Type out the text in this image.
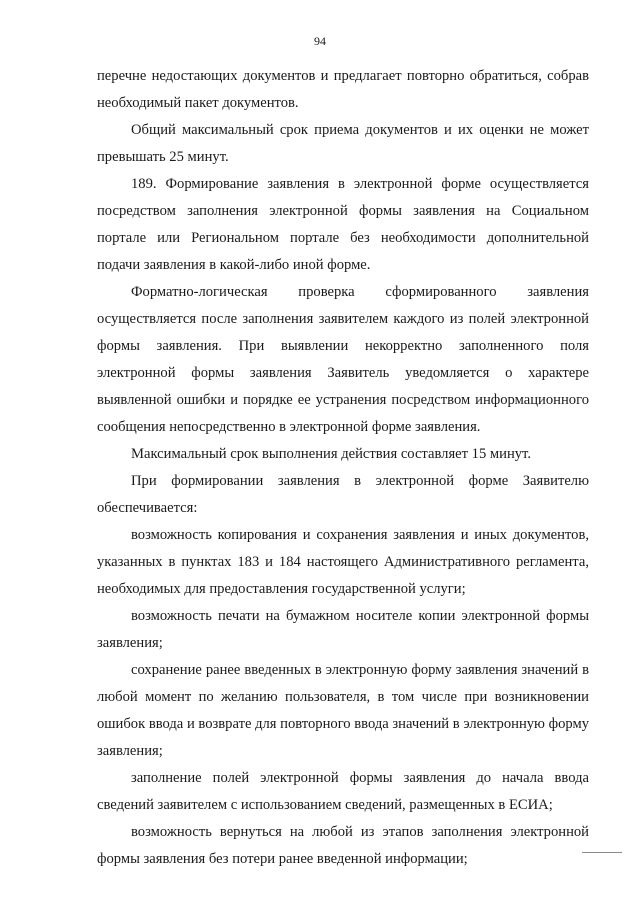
94

перечне недостающих документов и предлагает повторно обратиться, собрав необходимый пакет документов.

Общий максимальный срок приема документов и их оценки не может превышать 25 минут.

189. Формирование заявления в электронной форме осуществляется посредством заполнения электронной формы заявления на Социальном портале или Региональном портале без необходимости дополнительной подачи заявления в какой-либо иной форме.

Форматно-логическая проверка сформированного заявления осуществляется после заполнения заявителем каждого из полей электронной формы заявления. При выявлении некорректно заполненного поля электронной формы заявления Заявитель уведомляется о характере выявленной ошибки и порядке ее устранения посредством информационного сообщения непосредственно в электронной форме заявления.

Максимальный срок выполнения действия составляет 15 минут.

При формировании заявления в электронной форме Заявителю обеспечивается:

возможность копирования и сохранения заявления и иных документов, указанных в пунктах 183 и 184 настоящего Административного регламента, необходимых для предоставления государственной услуги;

возможность печати на бумажном носителе копии электронной формы заявления;

сохранение ранее введенных в электронную форму заявления значений в любой момент по желанию пользователя, в том числе при возникновении ошибок ввода и возврате для повторного ввода значений в электронную форму заявления;

заполнение полей электронной формы заявления до начала ввода сведений заявителем с использованием сведений, размещенных в ЕСИА;

возможность вернуться на любой из этапов заполнения электронной формы заявления без потери ранее введенной информации;
